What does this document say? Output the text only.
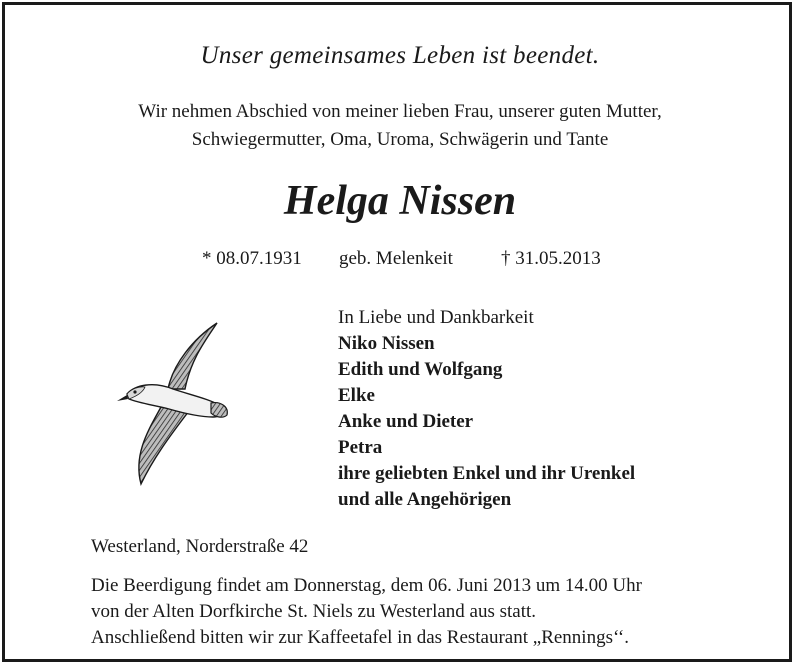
Unser gemeinsames Leben ist beendet.
Wir nehmen Abschied von meiner lieben Frau, unserer guten Mutter,
Schwiegermutter, Oma, Uroma, Schwägerin und Tante
Helga Nissen
* 08.07.1931 geb. Melenkeit	† 31.05.2013
In Liebe und Dankbarkeit
Niko Nissen
Edith und Wolfgang
Elke
Anke und Dieter
Petra
ihre geliebten Enkel und ihr Urenkel
und alle Angehörigen
Westerland, Norderstraße 42
Die Beerdigung findet am Donnerstag, dem 06. Juni 2013 um 14.00 Uhr
von der Alten Dorfkirche St. Niels zu Westerland aus statt.
Anschließend bitten wir zur Kaffeetafel in das Restaurant „Rennings‘‘.
